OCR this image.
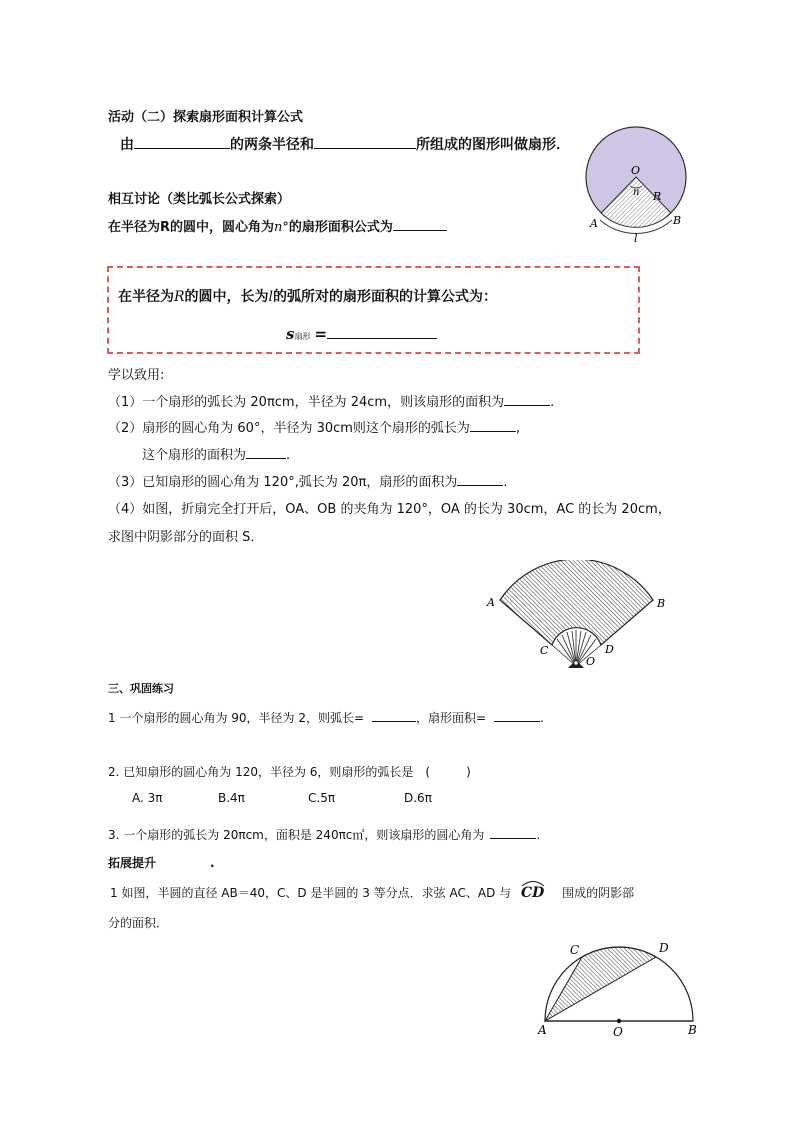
活动（二）探索扇形面积计算公式
由	的两条半径和	所组成的图形叫做扇形．
相互讨论（类比弧长公式探索）
在半径为R的圆中，圆心角为n°的扇形面积公式为
O
n R
A	B
l
在半径为R的圆中，长为l的弧所对的扇形面积的计算公式为：
s扇形 =
学以致用:
（1）一个扇形的弧长为 20πcm，半径为 24cm，则该扇形的面积为	.
（2）扇形的圆心角为 60°，半径为 30cm则这个扇形的弧长为	,
这个扇形的面积为	.
（3）已知扇形的圆心角为 120°,弧长为 20π，扇形的面积为	.
（4）如图，折扇完全打开后，OA、OB 的夹角为 120°，OA 的长为 30cm，AC 的长为 20cm，
求图中阴影部分的面积 S．
A	B
C	D
O
三、巩固练习
1 一个扇形的圆心角为 90，半径为 2，则弧长=	，扇形面积=	.
2. 已知扇形的圆心角为 120，半径为 6，则扇形的弧长是　(　　　)
A. 3π	B.4π	C.5π	D.6π
3. 一个扇形的弧长为 20πcm，面积是 240πc㎡，则该扇形的圆心角为	.
拓展提升	.
1 如图，半圆的直径 AB＝40，C、D 是半圆的 3 等分点．求弦 AC、AD 与 CD 围成的阴影部
分的面积．
C	D
A	O	B
